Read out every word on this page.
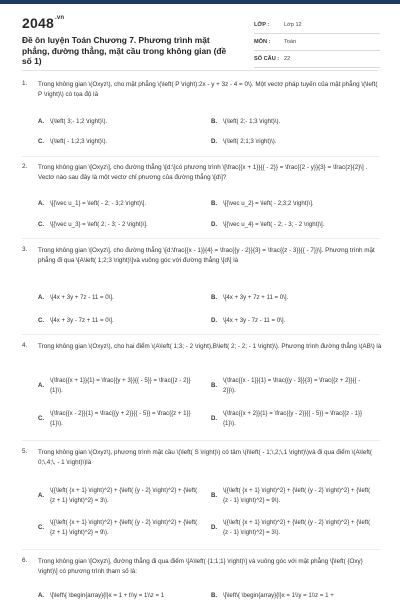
$2048^{.vn}$
Đề ôn luyện Toán Chương 7. Phương trình mặt phẳng, đường thẳng, mặt cầu trong không gian (đề số 1)
LỚP :	Lớp 12
MÔN :	Toán
SỐ CÂU : 22
1. Trong không gian \(Oxyz\), cho mặt phẳng \(\left( P \right):2x - y + 3z - 4 = 0\). Một vectơ pháp tuyến của mặt phẳng \(\left( P \right)\) có tọa độ là
A. \(\left( 3;- 1;2 \right)\).	B. \(\left( 2;- 1;3 \right)\).
C. \(\left( - 1;2;3 \right)\).	D. \(\left( 2;1;3 \right)\).
2. Trong không gian \[Oxyz\], cho đường thẳng \[d:\]có phương trình \[\frac{{x + 1}}{{ - 2}} = \frac{{2 - y}}{3} = \frac{z}{2}\] . Vectơ nào sau đây là một vectơ chỉ phương của đường thẳng \[d\]?
A. \[{\vec u_1} = \left( - 2; - 3;2 \right)\].	B. \[{\vec u_2} = \left( - 2;3;2 \right)\].
C. \[{\vec u_3} = \left( 2; - 3; - 2 \right)\].	D. \[{\vec u_4} = \left( - 2; - 3; - 2 \right)\].
3. Trong không gian \[Oxyz\], cho đường thẳng \[d:\frac{{x - 1}}{4} = \frac{{y - 2}}{3} = \frac{{z - 3}}{{ - 7}}\]. Phương trình mặt phẳng đi qua \[A\left( 1;2;3 \right)\]và vuông góc với đường thẳng \[d\] là
A. \[4x + 3y + 7z - 11 = 0\].	B. \[4x + 3y + 7z + 11 = 0\].
C. \[4x + 3y - 7z + 11 = 0\].	D. \[4x + 3y - 7z - 11 = 0\].
4. Trong không gian \(Oxyz\), cho hai điểm \(A\left( 1;3; - 2 \right),B\left( 2; - 2; - 1 \right)\). Phương trình đường thẳng \(AB\) là
A.
\(\frac{{x + 1}}{1} = \frac{{y + 3}}{{ - 5}} = \frac{{z - 2}}{1}\).
B.
\(\frac{{x - 1}}{1} = \frac{{y - 3}}{3} = \frac{{z + 2}}{{ - 2}}\).
C.
\(\frac{{x - 2}}{1} = \frac{{y + 2}}{{ - 5}} = \frac{{z + 1}}{1}\).
D.
\(\frac{{x + 2}}{1} = \frac{{y - 2}}{{ - 5}} = \frac{{z - 1}}{1}\).
5. Trong không gian \(Oxyz\), phương trình mặt cầu \(\left( S \right)\) có tâm \(I\left( - 1;\,2;\,1 \right)\)và đi qua điểm \(A\left( 0;\,4;\, - 1 \right)\)là
A.
\({\left( {x + 1} \right)^2} + {\left( {y - 2} \right)^2} + {\left( {z + 1} \right)^2} = 3\).
B.
\({\left( {x + 1} \right)^2} + {\left( {y - 2} \right)^2} + {\left( {z - 1} \right)^2} = 9\).
C.
\({\left( {x + 1} \right)^2} + {\left( {y - 2} \right)^2} + {\left( {z + 1} \right)^2} = 9\).
D.
\({\left( {x + 1} \right)^2} + {\left( {y - 2} \right)^2} + {\left( {z - 1} \right)^2} = 3\).
6. Trong không gian \[Oxyz\], đường thẳng đi qua điểm \[A\left( {1;1;1} \right)\] và vuông góc với mặt phẳng \[\left( {Oxy} \right)\] có phương trình tham số là:
A. \[\left\{ \begin{array}{l}x = 1 + t\\y = 1\\z = 1	B. \[\left\{ \begin{array}{l}x = 1\\y = 1\\z = 1 +
